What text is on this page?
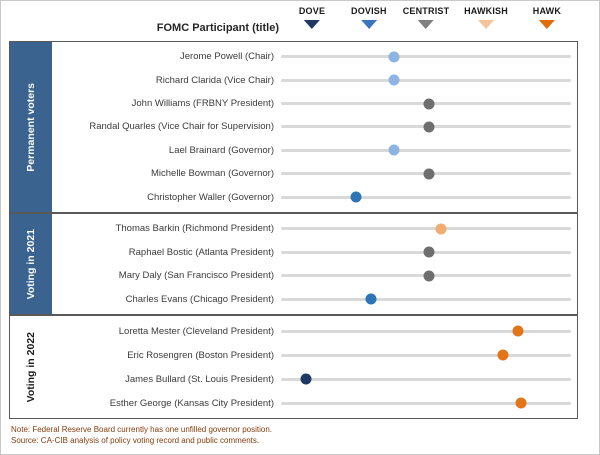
FOMC Participant (title)
DOVE	DOVISH CENTRIST HAWKISH	HAWK
Permanent voters
Jerome Powell (Chair)
Richard Clarida (Vice Chair)
John Williams (FRBNY President)
Randal Quarles (Vice Chair for Supervision)
Lael Brainard (Governor)
Michelle Bowman (Governor)
Christopher Waller (Governor)
Voting in 2021
Thomas Barkin (Richmond President)
Raphael Bostic (Atlanta President)
Mary Daly (San Francisco President)
Charles Evans (Chicago President)
Voting in 2022
Loretta Mester (Cleveland President)
Eric Rosengren (Boston President)
James Bullard (St. Louis President)
Esther George (Kansas City President)
Note: Federal Reserve Board currently has one unfilled governor position.
Source: CA-CIB analysis of policy voting record and public comments.
